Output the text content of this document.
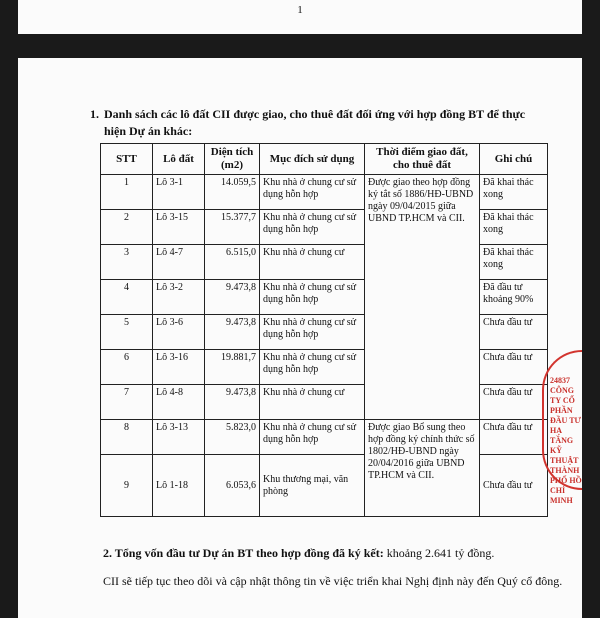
1
1. Danh sách các lô đất CII được giao, cho thuê đất đối ứng với hợp đồng BT để thực hiện Dự án khác:
STT	Lô đất	Diện tích (m2)	Mục đích sử dụng	Thời điểm giao đất, cho thuê đất	Ghi chú
1	Lô 3-1	14.059,5	Khu nhà ở chung cư sử dụng hỗn hợp	Được giao theo hợp đồng ký tắt số 1886/HĐ-UBND ngày 09/04/2015 giữa UBND TP.HCM và CII.	Đã khai thác xong
2	Lô 3-15	15.377,7	Khu nhà ở chung cư sử dụng hỗn hợp		Đã khai thác xong
3	Lô 4-7	6.515,0	Khu nhà ở chung cư		Đã khai thác xong
4	Lô 3-2	9.473,8	Khu nhà ở chung cư sử dụng hỗn hợp		Đã đầu tư khoảng 90%
5	Lô 3-6	9.473,8	Khu nhà ở chung cư sử dụng hỗn hợp		Chưa đầu tư
6	Lô 3-16	19.881,7	Khu nhà ở chung cư sử dụng hỗn hợp		Chưa đầu tư
7	Lô 4-8	9.473,8	Khu nhà ở chung cư		Chưa đầu tư
8	Lô 3-13	5.823,0	Khu nhà ở chung cư sử dụng hỗn hợp	Được giao Bổ sung theo hợp đồng ký chính thức số 1802/HĐ-UBND ngày 20/04/2016 giữa UBND TP.HCM và CII.	Chưa đầu tư
9	Lô 1-18	6.053,6	Khu thương mại, văn phòng		Chưa đầu tư
2. Tổng vốn đầu tư Dự án BT theo hợp đồng đã ký kết: khoảng 2.641 tỷ đồng.
CII sẽ tiếp tục theo dõi và cập nhật thông tin về việc triển khai Nghị định này đến Quý cổ đông.
24837 CÔNG TY CỔ PHẦN ĐẦU TƯ HẠ TẦNG KỸ THUẬT THÀNH PHỐ HỒ CHÍ MINH
